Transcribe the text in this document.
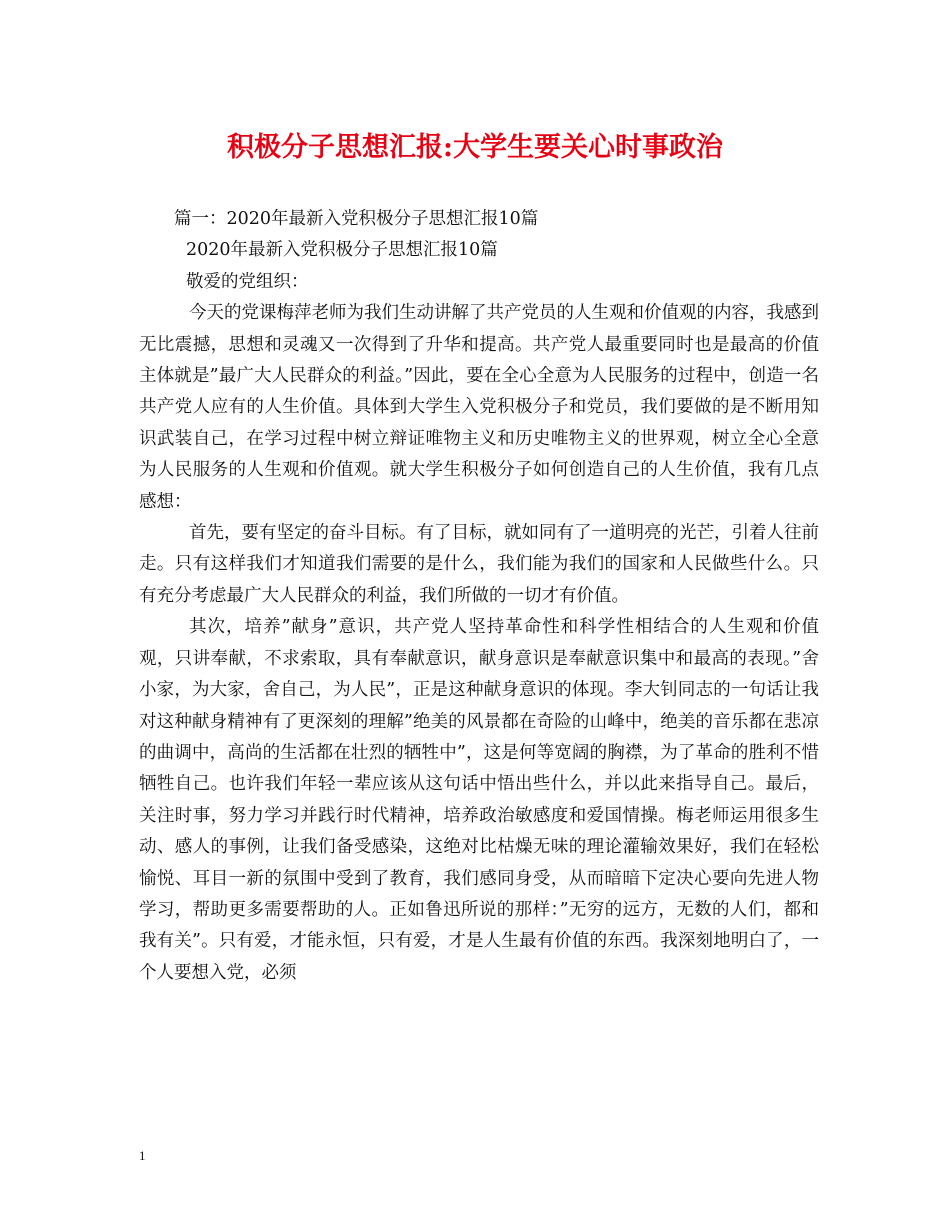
积极分子思想汇报:大学生要关心时事政治

篇一：2020年最新入党积极分子思想汇报10篇

2020年最新入党积极分子思想汇报10篇

敬爱的党组织：

今天的党课梅萍老师为我们生动讲解了共产党员的人生观和价值观的内容，我感到无比震撼，思想和灵魂又一次得到了升华和提高。共产党人最重要同时也是最高的价值主体就是”最广大人民群众的利益。”因此，要在全心全意为人民服务的过程中，创造一名共产党人应有的人生价值。具体到大学生入党积极分子和党员，我们要做的是不断用知识武装自己，在学习过程中树立辩证唯物主义和历史唯物主义的世界观，树立全心全意为人民服务的人生观和价值观。就大学生积极分子如何创造自己的人生价值，我有几点感想：

首先，要有坚定的奋斗目标。有了目标，就如同有了一道明亮的光芒，引着人往前走。只有这样我们才知道我们需要的是什么，我们能为我们的国家和人民做些什么。只有充分考虑最广大人民群众的利益，我们所做的一切才有价值。

其次，培养”献身”意识，共产党人坚持革命性和科学性相结合的人生观和价值观，只讲奉献，不求索取，具有奉献意识，献身意识是奉献意识集中和最高的表现。”舍小家，为大家，舍自己，为人民”，正是这种献身意识的体现。李大钊同志的一句话让我对这种献身精神有了更深刻的理解”绝美的风景都在奇险的山峰中，绝美的音乐都在悲凉的曲调中，高尚的生活都在壮烈的牺牲中”，这是何等宽阔的胸襟，为了革命的胜利不惜牺牲自己。也许我们年轻一辈应该从这句话中悟出些什么，并以此来指导自己。最后，关注时事，努力学习并践行时代精神，培养政治敏感度和爱国情操。梅老师运用很多生动、感人的事例，让我们备受感染，这绝对比枯燥无味的理论灌输效果好，我们在轻松愉悦、耳目一新的氛围中受到了教育，我们感同身受，从而暗暗下定决心要向先进人物学习，帮助更多需要帮助的人。正如鲁迅所说的那样：”无穷的远方，无数的人们，都和我有关”。只有爱，才能永恒，只有爱，才是人生最有价值的东西。我深刻地明白了，一个人要想入党，必须

1
